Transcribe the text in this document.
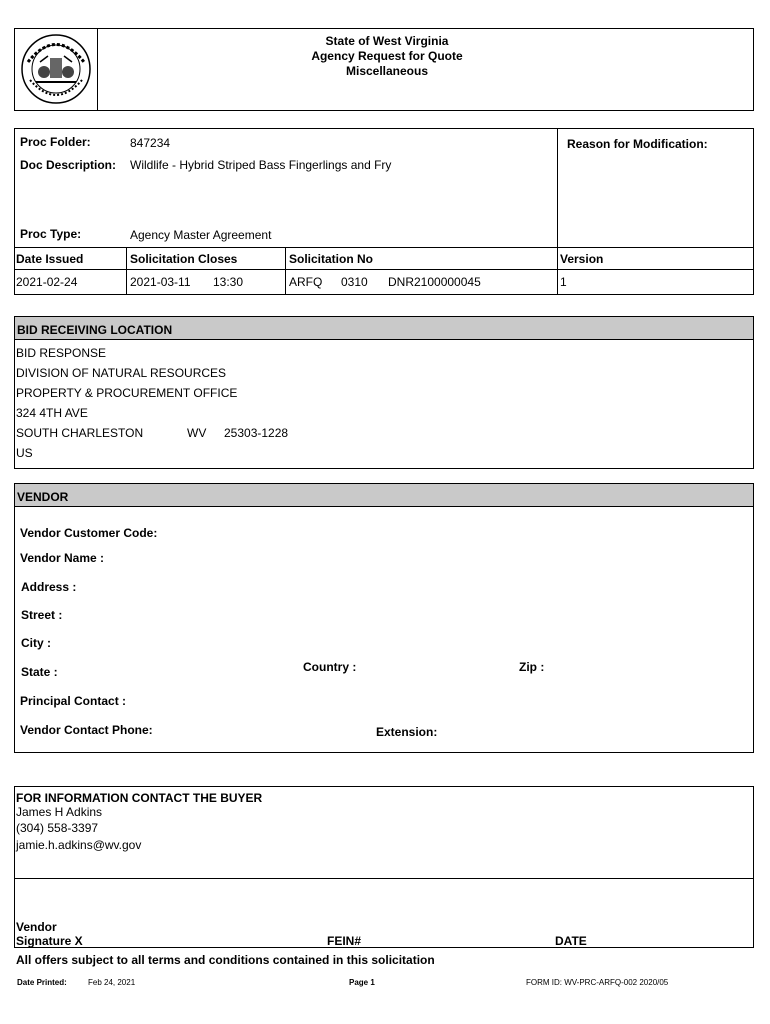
State of West Virginia
Agency Request for Quote
Miscellaneous
Proc Folder:	847234	Reason for Modification:
Doc Description: Wildlife - Hybrid Striped Bass Fingerlings and Fry
Proc Type:	Agency Master Agreement
Date Issued	Solicitation Closes	Solicitation No	Version
2021-02-24	2021-03-11 13:30	ARFQ 0310 DNR2100000045	1
BID RECEIVING LOCATION
BID RESPONSE
DIVISION OF NATURAL RESOURCES
PROPERTY & PROCUREMENT OFFICE
324 4TH AVE
SOUTH CHARLESTON	WV 25303-1228
US
VENDOR
Vendor Customer Code:
Vendor Name :
Address :
Street :
City :
State :	Country :	Zip :
Principal Contact :
Vendor Contact Phone:	Extension:
FOR INFORMATION CONTACT THE BUYER
James H Adkins
(304) 558-3397
jamie.h.adkins@wv.gov
Vendor
Signature X	FEIN#	DATE
All offers subject to all terms and conditions contained in this solicitation
Date Printed:	Feb 24, 2021	Page 1	FORM ID: WV-PRC-ARFQ-002 2020/05
